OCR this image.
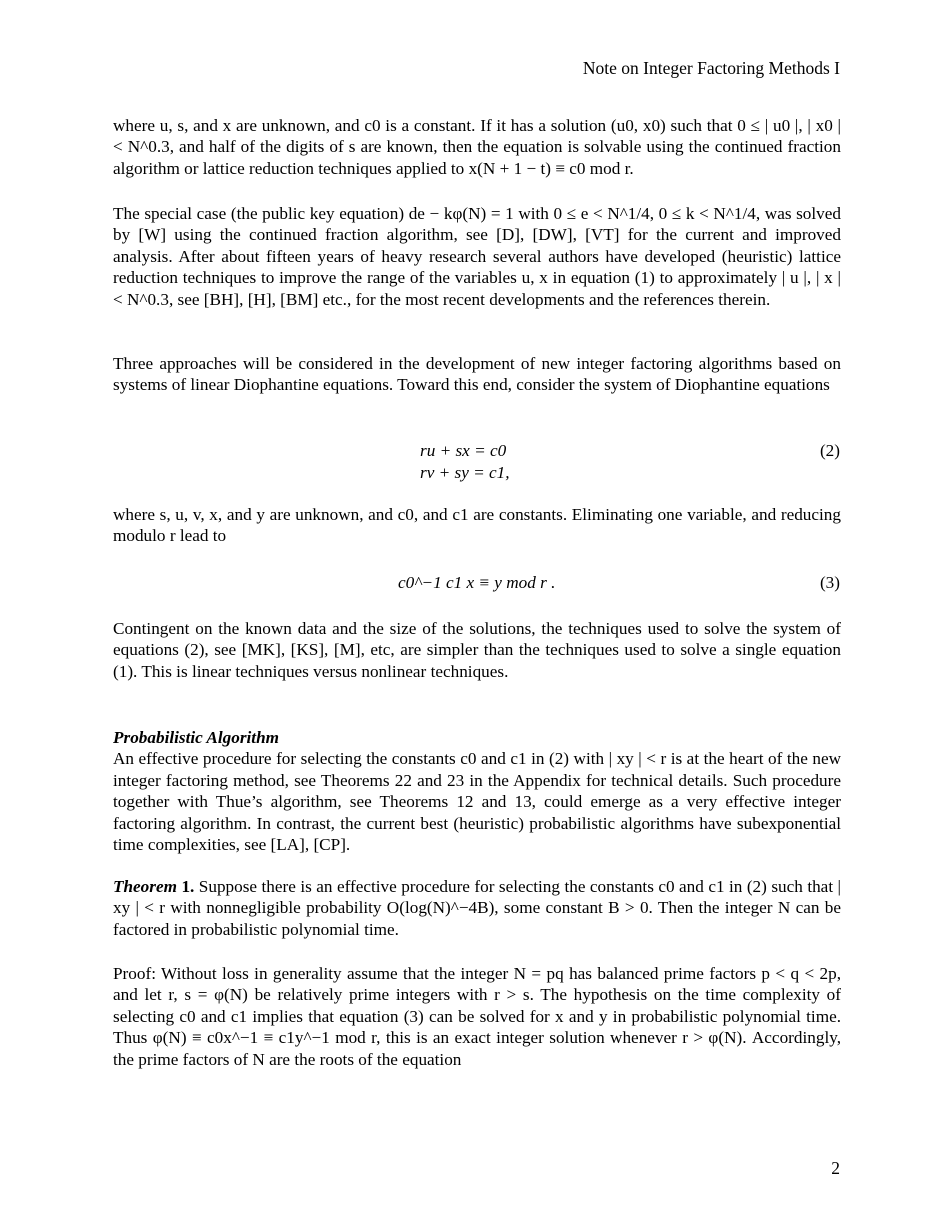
Note on Integer Factoring Methods I
where u, s, and x are unknown, and c0 is a constant. If it has a solution (u0, x0) such that 0 ≤ | u0 |, | x0 | < N^0.3, and half of the digits of s are known, then the equation is solvable using the continued fraction algorithm or lattice reduction techniques applied to x(N + 1 − t) ≡ c0 mod r.
The special case (the public key equation) de − kφ(N) = 1 with 0 ≤ e < N^1/4, 0 ≤ k < N^1/4, was solved by [W] using the continued fraction algorithm, see [D], [DW], [VT] for the current and improved analysis. After about fifteen years of heavy research several authors have developed (heuristic) lattice reduction techniques to improve the range of the variables u, x in equation (1) to approximately | u |, | x | < N^0.3, see [BH], [H], [BM] etc., for the most recent developments and the references therein.
Three approaches will be considered in the development of new integer factoring algorithms based on systems of linear Diophantine equations. Toward this end, consider the system of Diophantine equations
ru + sx = c0	(2)
rv + sy = c1,
where s, u, v, x, and y are unknown, and c0, and c1 are constants. Eliminating one variable, and reducing modulo r lead to
c0^−1 c1 x ≡ y mod r .	(3)
Contingent on the known data and the size of the solutions, the techniques used to solve the system of equations (2), see [MK], [KS], [M], etc, are simpler than the techniques used to solve a single equation (1). This is linear techniques versus nonlinear techniques.
Probabilistic Algorithm
An effective procedure for selecting the constants c0 and c1 in (2) with | xy | < r is at the heart of the new integer factoring method, see Theorems 22 and 23 in the Appendix for technical details. Such procedure together with Thue’s algorithm, see Theorems 12 and 13, could emerge as a very effective integer factoring algorithm. In contrast, the current best (heuristic) probabilistic algorithms have subexponential time complexities, see [LA], [CP].
Theorem 1. Suppose there is an effective procedure for selecting the constants c0 and c1 in (2) such that | xy | < r with nonnegligible probability O(log(N)^−4B), some constant B > 0. Then the integer N can be factored in probabilistic polynomial time.
Proof: Without loss in generality assume that the integer N = pq has balanced prime factors p < q < 2p, and let r, s = φ(N) be relatively prime integers with r > s. The hypothesis on the time complexity of selecting c0 and c1 implies that equation (3) can be solved for x and y in probabilistic polynomial time. Thus φ(N) ≡ c0x^−1 ≡ c1y^−1 mod r, this is an exact integer solution whenever r > φ(N). Accordingly, the prime factors of N are the roots of the equation
2
